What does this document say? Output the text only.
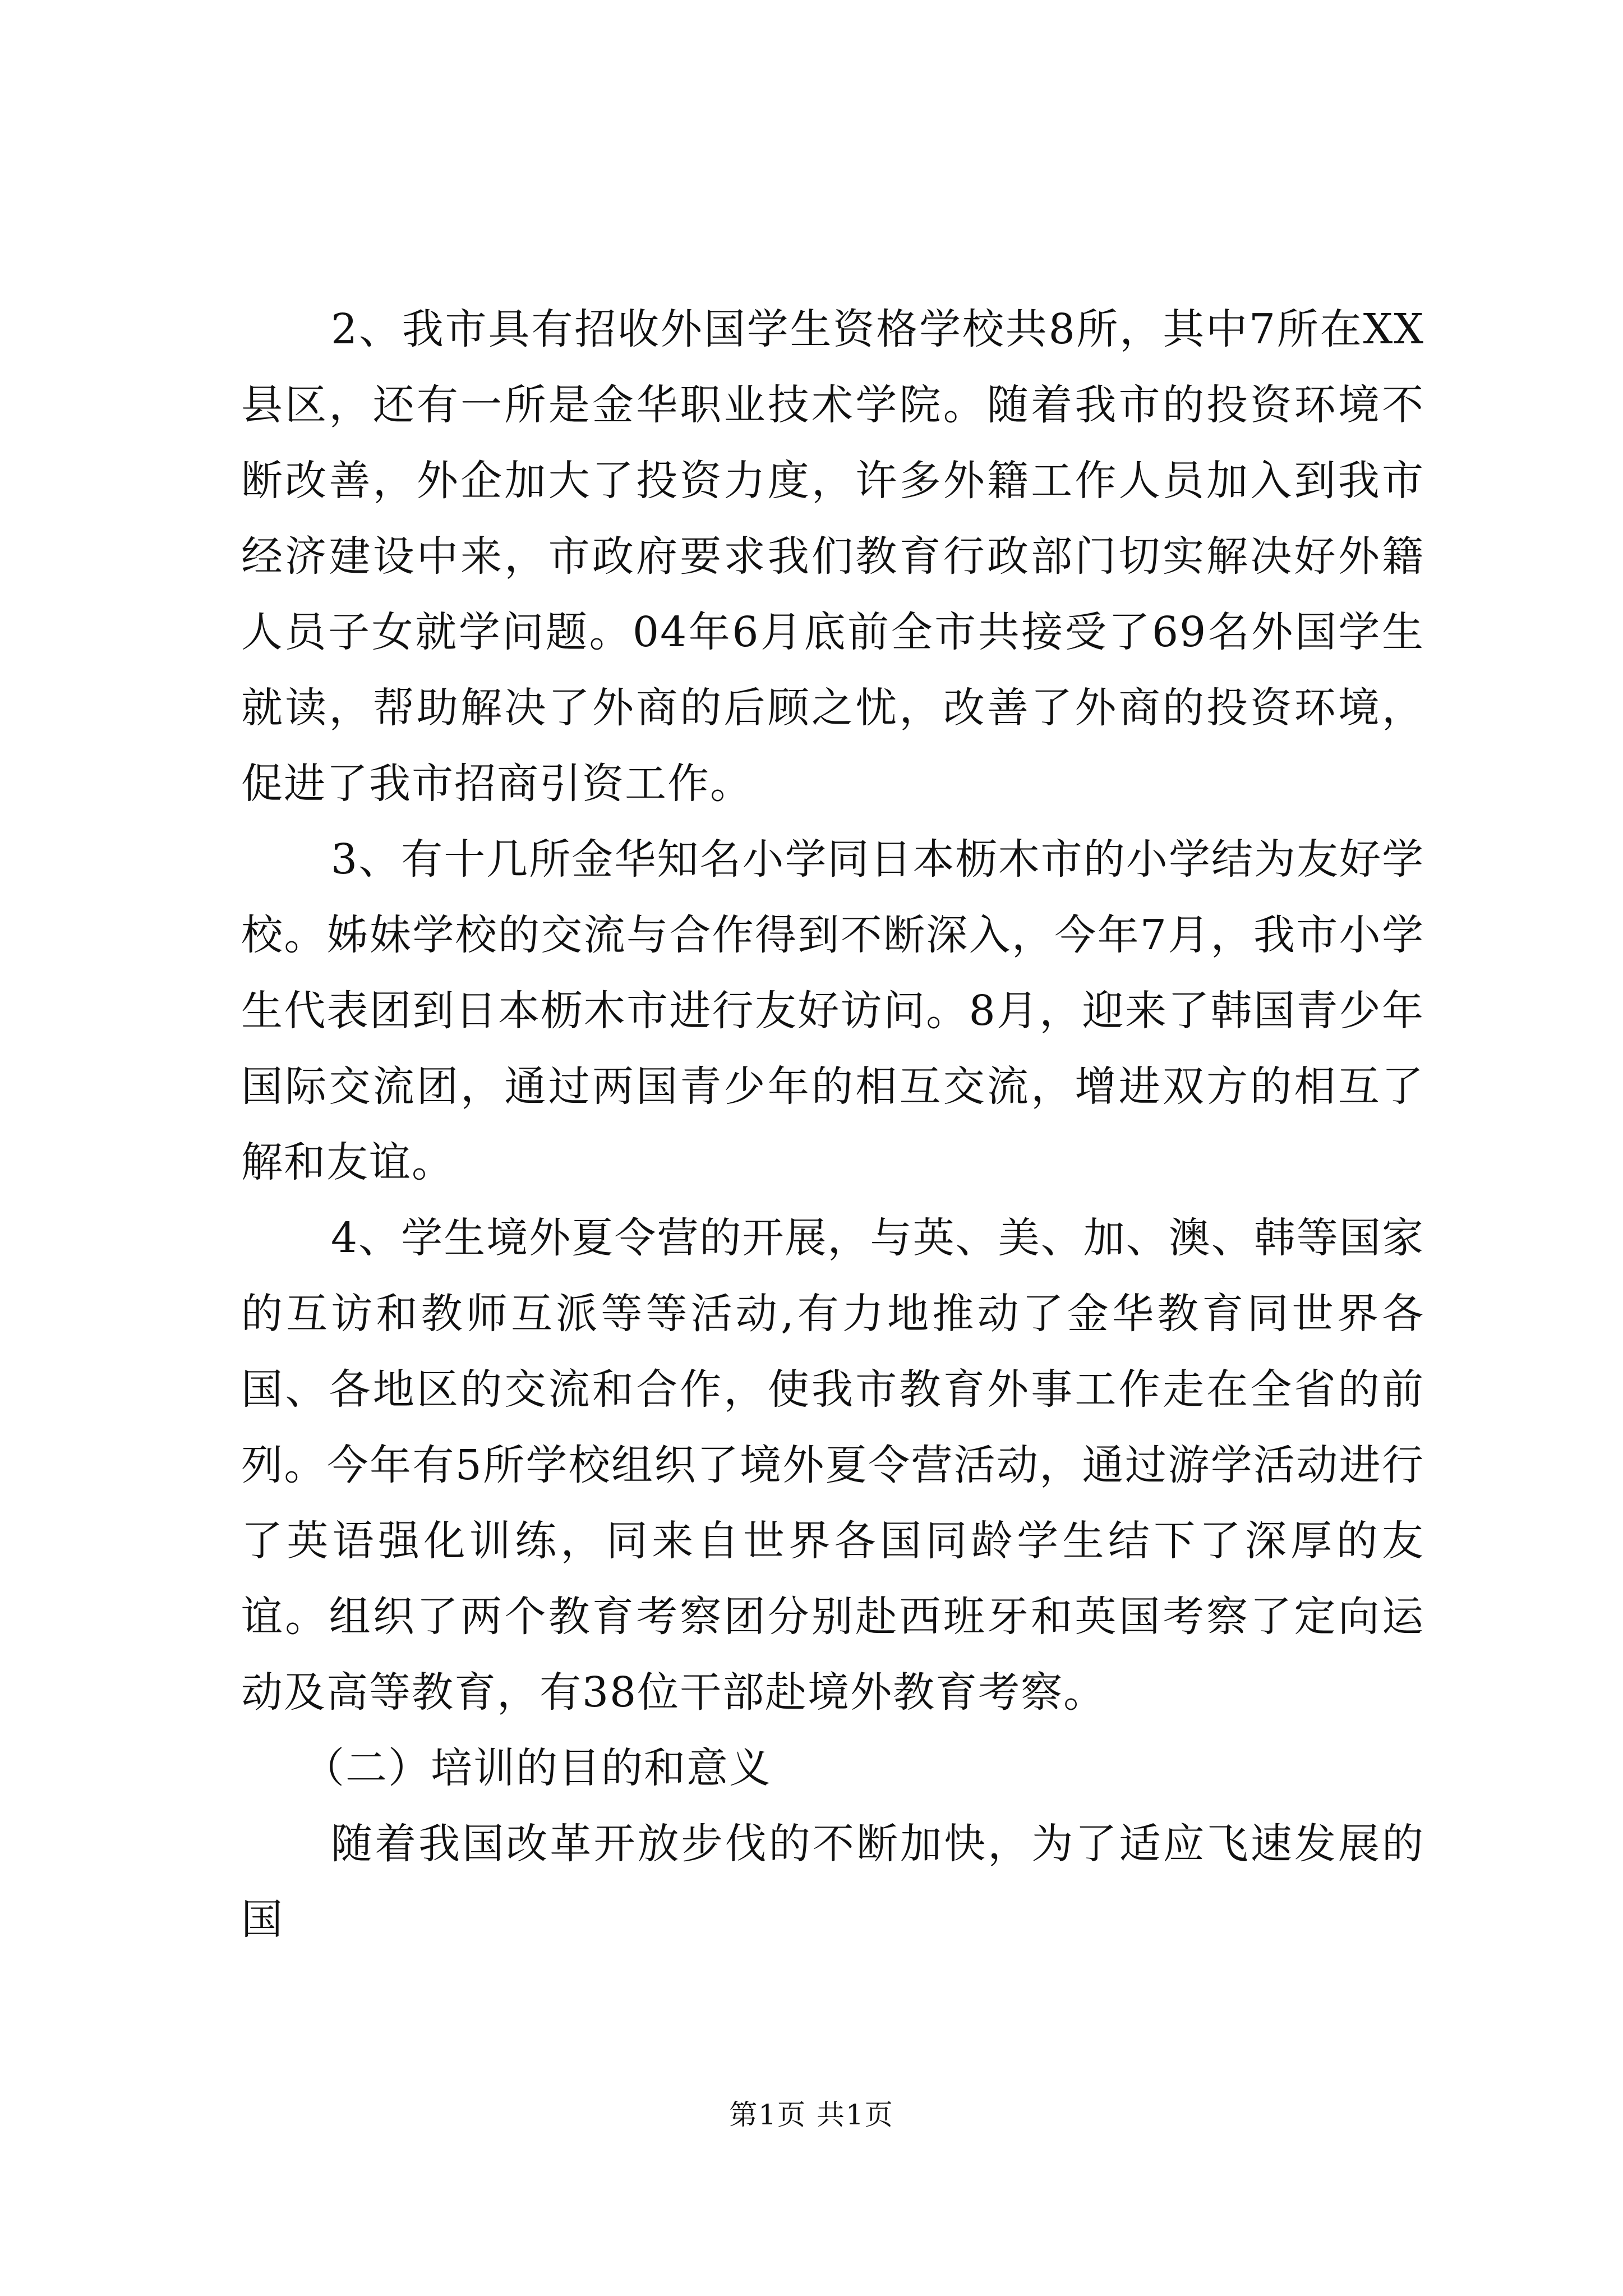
2、我市具有招收外国学生资格学校共8所，其中7所在XX县区，还有一所是金华职业技术学院。随着我市的投资环境不断改善，外企加大了投资力度，许多外籍工作人员加入到我市经济建设中来，市政府要求我们教育行政部门切实解决好外籍人员子女就学问题。04年6月底前全市共接受了69名外国学生就读，帮助解决了外商的后顾之忧，改善了外商的投资环境，促进了我市招商引资工作。

3、有十几所金华知名小学同日本枥木市的小学结为友好学校。姊妹学校的交流与合作得到不断深入，今年7月，我市小学生代表团到日本枥木市进行友好访问。8月，迎来了韩国青少年国际交流团，通过两国青少年的相互交流，增进双方的相互了解和友谊。

4、学生境外夏令营的开展，与英、美、加、澳、韩等国家的互访和教师互派等等活动,有力地推动了金华教育同世界各国、各地区的交流和合作，使我市教育外事工作走在全省的前列。今年有5所学校组织了境外夏令营活动，通过游学活动进行了英语强化训练，同来自世界各国同龄学生结下了深厚的友谊。组织了两个教育考察团分别赴西班牙和英国考察了定向运动及高等教育，有38位干部赴境外教育考察。

（二）培训的目的和意义

随着我国改革开放步伐的不断加快，为了适应飞速发展的国

第1页 共1页
